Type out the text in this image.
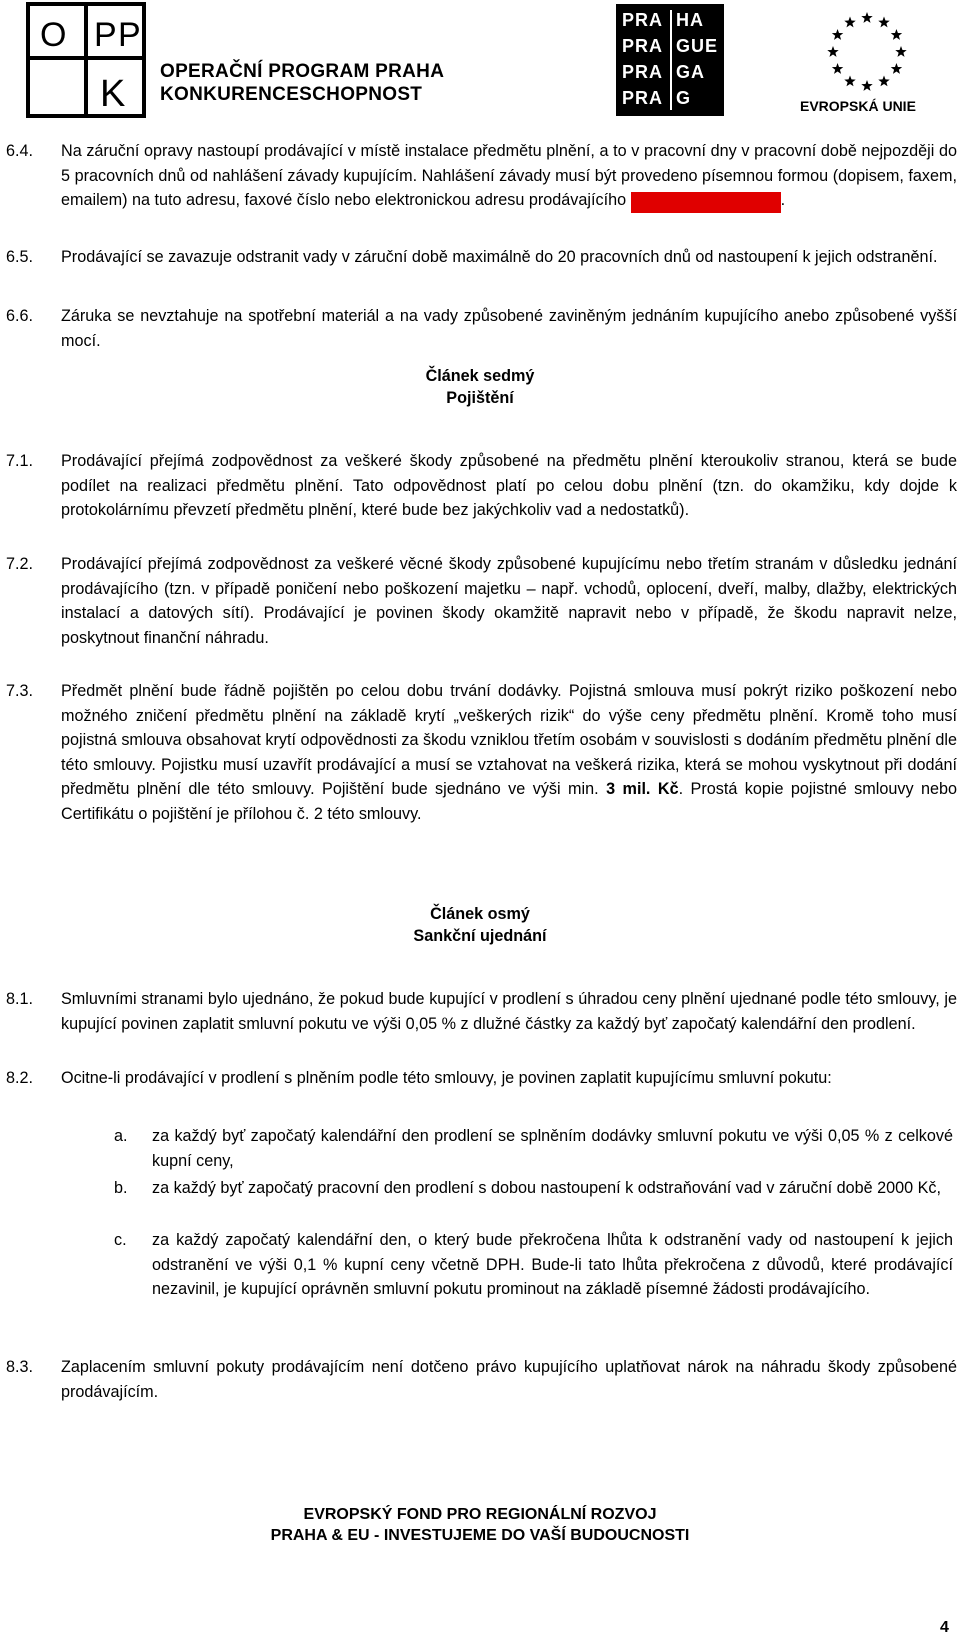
O P P
K
OPERAČNÍ PROGRAM PRAHA
KONKURENCESCHOPNOST
PRA
PRA
PRA
PRA
HA
GUE
GA
G	EVROPSKÁ UNIE
6.4. Na záruční opravy nastoupí prodávající v místě instalace předmětu plnění, a to v pracovní dny v pracovní době nejpozději do 5 pracovních dnů od nahlášení závady kupujícím. Nahlášení závady musí být provedeno písemnou formou (dopisem, faxem, emailem) na tuto adresu, faxové číslo nebo elektronickou adresu prodávajícího ………………… .
6.5. Prodávající se zavazuje odstranit vady v záruční době maximálně do 20 pracovních dnů od nastoupení k jejich odstranění.
6.6. Záruka se nevztahuje na spotřební materiál a na vady způsobené zaviněným jednáním kupujícího anebo způsobené vyšší mocí.
Článek sedmý
Pojištění
7.1. Prodávající přejímá zodpovědnost za veškeré škody způsobené na předmětu plnění kteroukoliv stranou, která se bude podílet na realizaci předmětu plnění. Tato odpovědnost platí po celou dobu plnění (tzn. do okamžiku, kdy dojde k protokolárnímu převzetí předmětu plnění, které bude bez jakýchkoliv vad a nedostatků).
7.2. Prodávající přejímá zodpovědnost za veškeré věcné škody způsobené kupujícímu nebo třetím stranám v důsledku jednání prodávajícího (tzn. v případě poničení nebo poškození majetku – např. vchodů, oplocení, dveří, malby, dlažby, elektrických instalací a datových sítí). Prodávající je povinen škody okamžitě napravit nebo v případě, že škodu napravit nelze, poskytnout finanční náhradu.
7.3. Předmět plnění bude řádně pojištěn po celou dobu trvání dodávky. Pojistná smlouva musí pokrýt riziko poškození nebo možného zničení předmětu plnění na základě krytí „veškerých rizik“ do výše ceny předmětu plnění. Kromě toho musí pojistná smlouva obsahovat krytí odpovědnosti za škodu vzniklou třetím osobám v souvislosti s dodáním předmětu plnění dle této smlouvy. Pojistku musí uzavřít prodávající a musí se vztahovat na veškerá rizika, která se mohou vyskytnout při dodání předmětu plnění dle této smlouvy. Pojištění bude sjednáno ve výši min. 3 mil. Kč. Prostá kopie pojistné smlouvy nebo Certifikátu o pojištění je přílohou č. 2 této smlouvy.
Článek osmý
Sankční ujednání
8.1. Smluvními stranami bylo ujednáno, že pokud bude kupující v prodlení s úhradou ceny plnění ujednané podle této smlouvy, je kupující povinen zaplatit smluvní pokutu ve výši 0,05 % z dlužné částky za každý byť započatý kalendářní den prodlení.
8.2. Ocitne-li prodávající v prodlení s plněním podle této smlouvy, je povinen zaplatit kupujícímu smluvní pokutu:
a. za každý byť započatý kalendářní den prodlení se splněním dodávky smluvní pokutu ve výši 0,05 % z celkové kupní ceny,
b. za každý byť započatý pracovní den prodlení s dobou nastoupení k odstraňování vad v záruční době 2000 Kč,
c. za každý započatý kalendářní den, o který bude překročena lhůta k odstranění vady od nastoupení k jejich odstranění ve výši 0,1 % kupní ceny včetně DPH. Bude-li tato lhůta překročena z důvodů, které prodávající nezavinil, je kupující oprávněn smluvní pokutu prominout na základě písemné žádosti prodávajícího.
8.3. Zaplacením smluvní pokuty prodávajícím není dotčeno právo kupujícího uplatňovat nárok na náhradu škody způsobené prodávajícím.
EVROPSKÝ FOND PRO REGIONÁLNÍ ROZVOJ
PRAHA & EU - INVESTUJEME DO VAŠÍ BUDOUCNOSTI
4
